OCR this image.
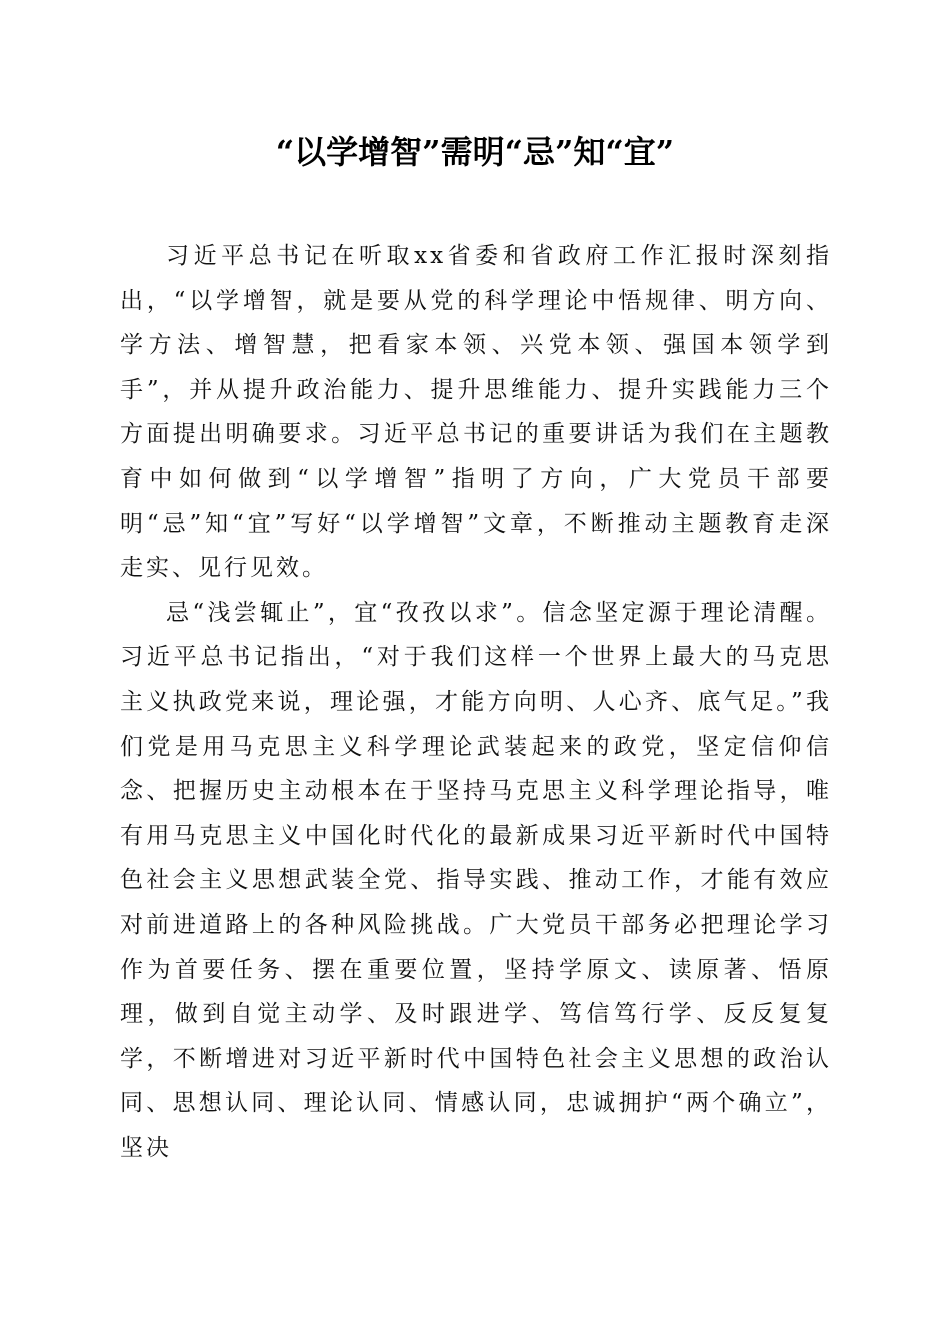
“以学增智”需明“忌”知“宜”

习近平总书记在听取xx省委和省政府工作汇报时深刻指出，“以学增智，就是要从党的科学理论中悟规律、明方向、学方法、增智慧，把看家本领、兴党本领、强国本领学到手”，并从提升政治能力、提升思维能力、提升实践能力三个方面提出明确要求。习近平总书记的重要讲话为我们在主题教育中如何做到“以学增智”指明了方向，广大党员干部要明“忌”知“宜”写好“以学增智”文章，不断推动主题教育走深走实、见行见效。

忌“浅尝辄止”，宜“孜孜以求”。信念坚定源于理论清醒。习近平总书记指出，“对于我们这样一个世界上最大的马克思主义执政党来说，理论强，才能方向明、人心齐、底气足。”我们党是用马克思主义科学理论武装起来的政党，坚定信仰信念、把握历史主动根本在于坚持马克思主义科学理论指导，唯有用马克思主义中国化时代化的最新成果习近平新时代中国特色社会主义思想武装全党、指导实践、推动工作，才能有效应对前进道路上的各种风险挑战。广大党员干部务必把理论学习作为首要任务、摆在重要位置，坚持学原文、读原著、悟原理，做到自觉主动学、及时跟进学、笃信笃行学、反反复复学，不断增进对习近平新时代中国特色社会主义思想的政治认同、思想认同、理论认同、情感认同，忠诚拥护“两个确立”，坚决
